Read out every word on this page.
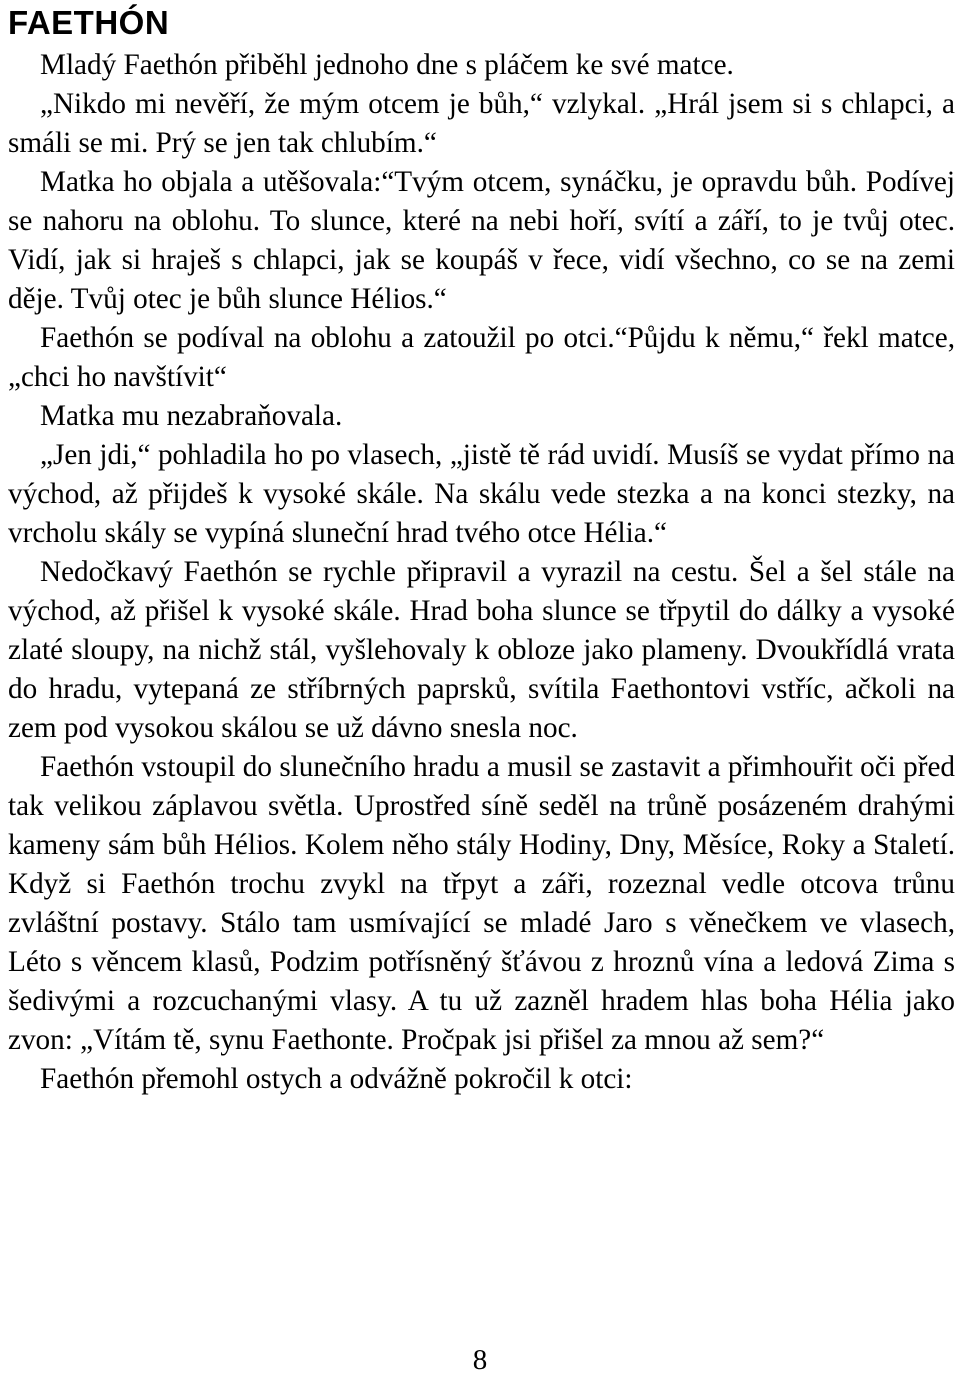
FAETHÓN

Mladý Faethón přiběhl jednoho dne s pláčem ke své matce.

„Nikdo mi nevěří, že mým otcem je bůh,“ vzlykal. „Hrál jsem si s chlapci, a smáli se mi. Prý se jen tak chlubím.“

Matka ho objala a utěšovala:“Tvým otcem, synáčku, je opravdu bůh. Podívej se nahoru na oblohu. To slunce, které na nebi hoří, svítí a září, to je tvůj otec. Vidí, jak si hraješ s chlapci, jak se koupáš v řece, vidí všechno, co se na zemi děje. Tvůj otec je bůh slunce Hélios.“

Faethón se podíval na oblohu a zatoužil po otci.“Půjdu k němu,“ řekl matce, „chci ho navštívit“

Matka mu nezabraňovala.

„Jen jdi,“ pohladila ho po vlasech, „jistě tě rád uvidí. Musíš se vydat přímo na východ, až přijdeš k vysoké skále. Na skálu vede stezka a na konci stezky, na vrcholu skály se vypíná sluneční hrad tvého otce Hélia.“

Nedočkavý Faethón se rychle připravil a vyrazil na cestu. Šel a šel stále na východ, až přišel k vysoké skále. Hrad boha slunce se třpytil do dálky a vysoké zlaté sloupy, na nichž stál, vyšlehovaly k obloze jako plameny. Dvoukřídlá vrata do hradu, vytepaná ze stříbrných paprsků, svítila Faethontovi vstříc, ačkoli na zem pod vysokou skálou se už dávno snesla noc.

Faethón vstoupil do slunečního hradu a musil se zastavit a přimhouřit oči před tak velikou záplavou světla. Uprostřed síně seděl na trůně posázeném drahými kameny sám bůh Hélios. Kolem něho stály Hodiny, Dny, Měsíce, Roky a Staletí. Když si Faethón trochu zvykl na třpyt a záři, rozeznal vedle otcova trůnu zvláštní postavy. Stálo tam usmívající se mladé Jaro s věnečkem ve vlasech, Léto s věncem klasů, Podzim potřísněný šťávou z hroznů vína a ledová Zima s šedivými a rozcuchanými vlasy. A tu už zazněl hradem hlas boha Hélia jako zvon: „Vítám tě, synu Faethonte. Pročpak jsi přišel za mnou až sem?“

Faethón přemohl ostych a odvážně pokročil k otci:

8
